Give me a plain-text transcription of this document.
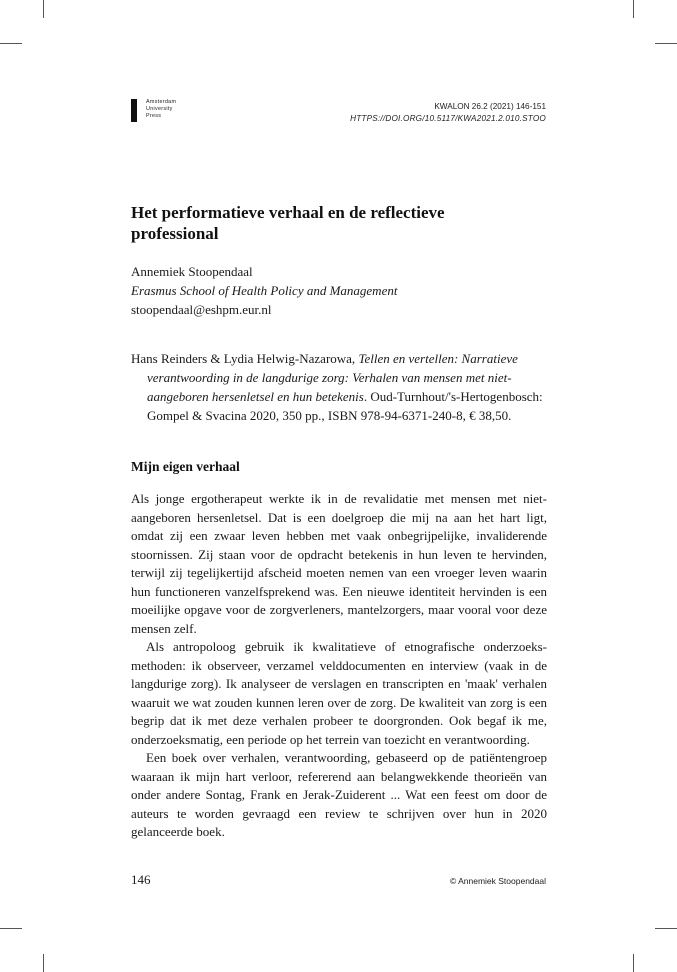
Amsterdam
University
Press
KWALON 26.2 (2021) 146-151
HTTPS://DOI.ORG/10.5117/KWA2021.2.010.STOO
Het performatieve verhaal en de reflectieve professional
Annemiek Stoopendaal
Erasmus School of Health Policy and Management
stoopendaal@eshpm.eur.nl
Hans Reinders & Lydia Helwig-Nazarowa, Tellen en vertellen: Narratieve verantwoording in de langdurige zorg: Verhalen van mensen met niet-aangeboren hersenletsel en hun betekenis. Oud-Turnhout/'s-Hertogenbosch: Gompel & Svacina 2020, 350 pp., ISBN 978-94-6371-240-8, € 38,50.
Mijn eigen verhaal

Als jonge ergotherapeut werkte ik in de revalidatie met mensen met niet-aangeboren hersenletsel. Dat is een doelgroep die mij na aan het hart ligt, omdat zij een zwaar leven hebben met vaak onbegrijpelijke, invaliderende stoornissen. Zij staan voor de opdracht betekenis in hun leven te hervinden, terwijl zij tegelijkertijd afscheid moeten nemen van een vroeger leven waarin hun functioneren vanzelfsprekend was. Een nieuwe identiteit hervinden is een moeilijke opgave voor de zorgverleners, mantelzorgers, maar vooral voor deze mensen zelf.

Als antropoloog gebruik ik kwalitatieve of etnografische onderzoeks-methoden: ik observeer, verzamel velddocumenten en interview (vaak in de langdurige zorg). Ik analyseer de verslagen en transcripten en 'maak' verhalen waaruit we wat zouden kunnen leren over de zorg. De kwaliteit van zorg is een begrip dat ik met deze verhalen probeer te doorgronden. Ook begaf ik me, onderzoeksmatig, een periode op het terrein van toezicht en verantwoording.

Een boek over verhalen, verantwoording, gebaseerd op de patiëntengroep waaraan ik mijn hart verloor, refererend aan belangwekkende theorieën van onder andere Sontag, Frank en Jerak-Zuiderent ... Wat een feest om door de auteurs te worden gevraagd een review te schrijven over hun in 2020 gelanceerde boek.

146	© Annemiek Stoopendaal
